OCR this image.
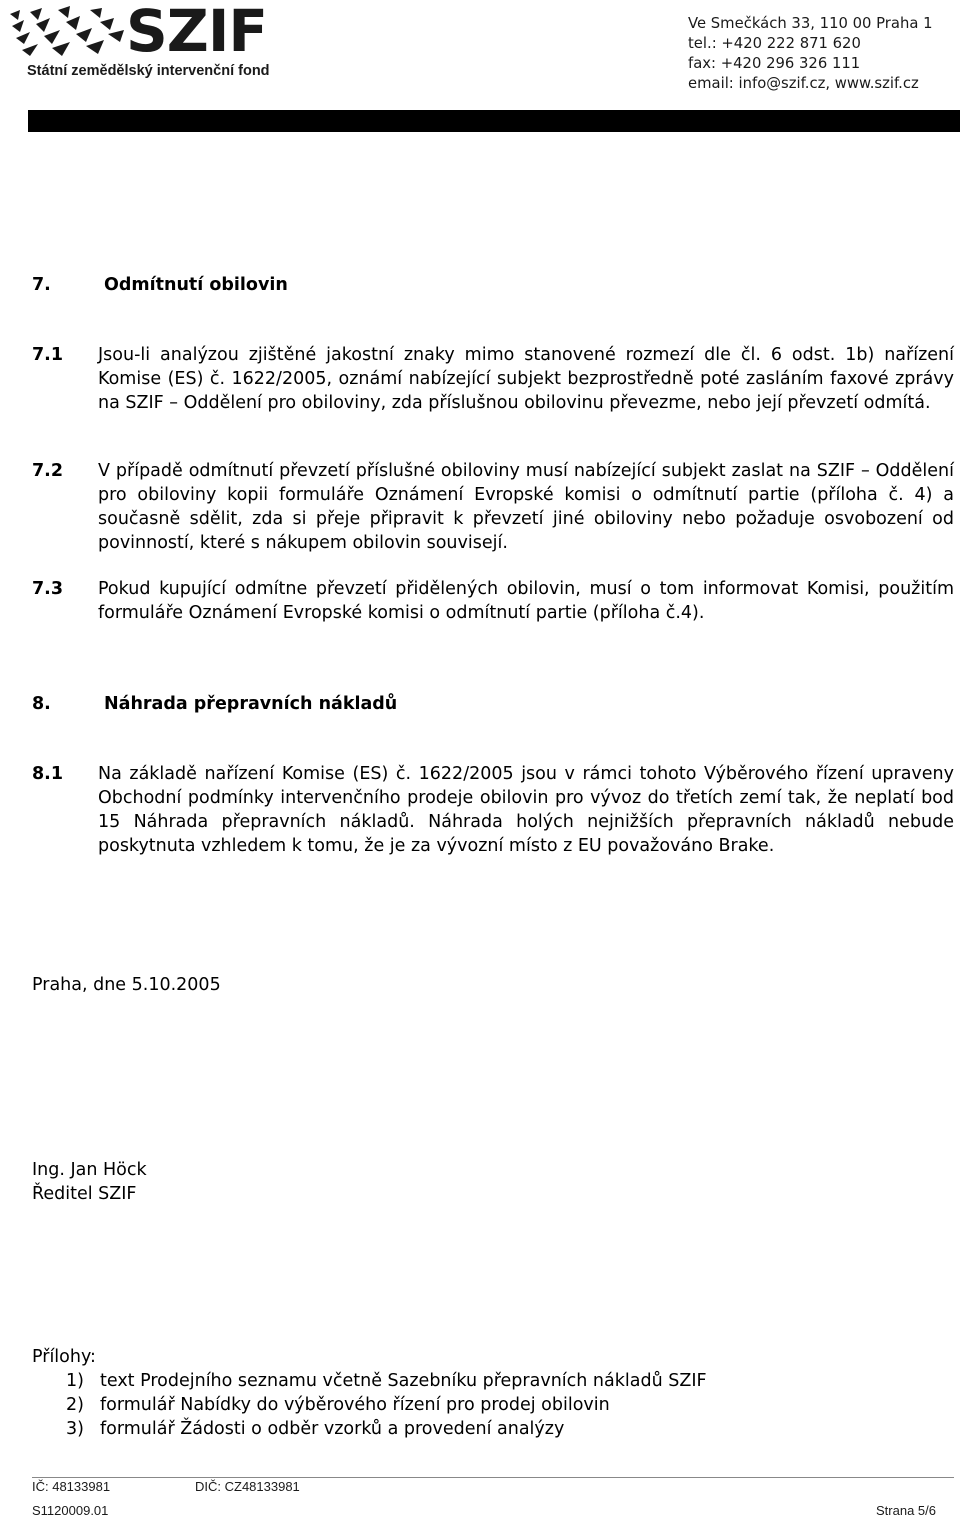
SZIF
Státní zemědělský intervenční fond
Ve Smečkách 33, 110 00 Praha 1
tel.: +420 222 871 620
fax: +420 296 326 111
email: info@szif.cz, www.szif.cz
7.	Odmítnutí obilovin
7.1 Jsou-li analýzou zjištěné jakostní znaky mimo stanovené rozmezí dle čl. 6 odst. 1b) nařízení Komise (ES) č. 1622/2005, oznámí nabízející subjekt bezprostředně poté zasláním faxové zprávy na SZIF – Oddělení pro obiloviny, zda příslušnou obilovinu převezme, nebo její převzetí odmítá.
7.2 V případě odmítnutí převzetí příslušné obiloviny musí nabízející subjekt zaslat na SZIF – Oddělení pro obiloviny kopii formuláře Oznámení Evropské komisi o odmítnutí partie (příloha č. 4) a současně sdělit, zda si přeje připravit k převzetí jiné obiloviny nebo požaduje osvobození od povinností, které s nákupem obilovin souvisejí.
7.3 Pokud kupující odmítne převzetí přidělených obilovin, musí o tom informovat Komisi, použitím formuláře Oznámení Evropské komisi o odmítnutí partie (příloha č.4).
8.	Náhrada přepravních nákladů
8.1 Na základě nařízení Komise (ES) č. 1622/2005 jsou v rámci tohoto Výběrového řízení upraveny Obchodní podmínky intervenčního prodeje obilovin pro vývoz do třetích zemí tak, že neplatí bod 15 Náhrada přepravních nákladů. Náhrada holých nejnižších přepravních nákladů nebude poskytnuta vzhledem k tomu, že je za vývozní místo z EU považováno Brake.
Praha, dne 5.10.2005
Ing. Jan Höck
Ředitel SZIF
Přílohy:
1) text Prodejního seznamu včetně Sazebníku přepravních nákladů SZIF
2) formulář Nabídky do výběrového řízení pro prodej obilovin
3) formulář Žádosti o odběr vzorků a provedení analýzy
IČ: 48133981	DIČ: CZ48133981
S1120009.01	Strana 5/6
